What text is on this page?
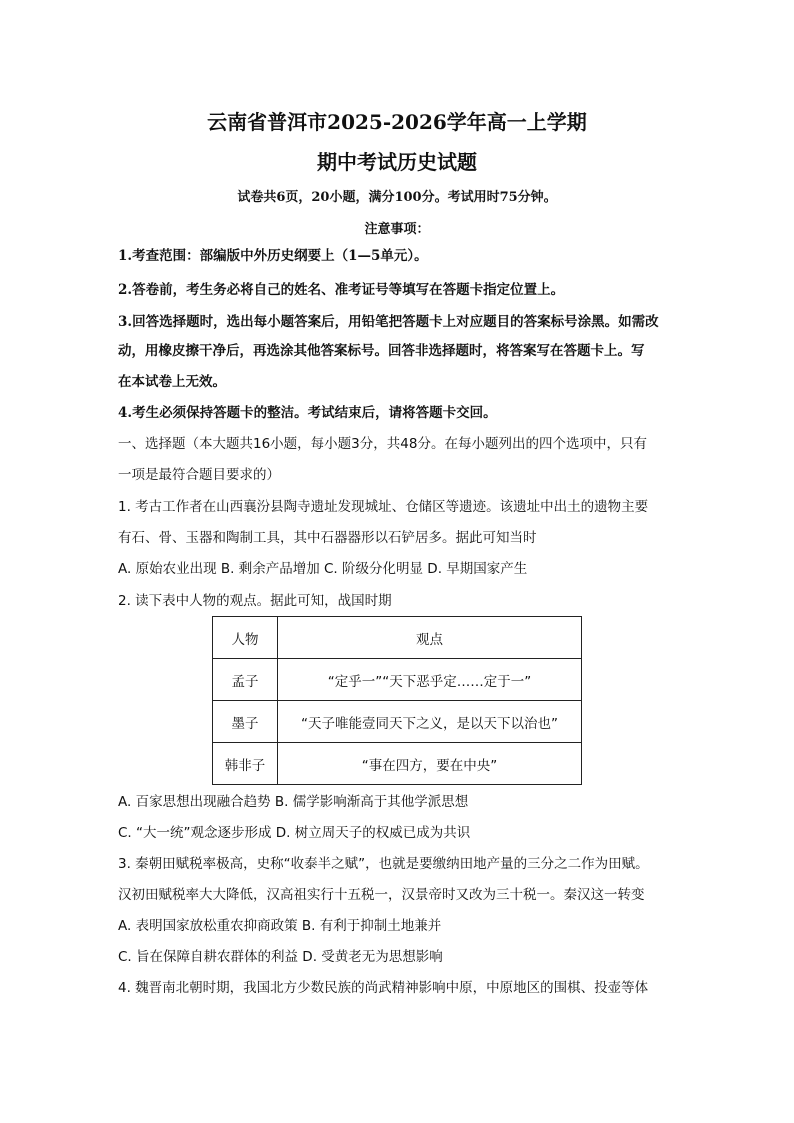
云南省普洱市2025-2026学年高一上学期
期中考试历史试题
试卷共6页，20小题，满分100分。考试用时75分钟。
注意事项：
1.考查范围：部编版中外历史纲要上（1—5单元）。
2.答卷前，考生务必将自己的姓名、准考证号等填写在答题卡指定位置上。
3.回答选择题时，选出每小题答案后，用铅笔把答题卡上对应题目的答案标号涂黑。如需改
动，用橡皮擦干净后，再选涂其他答案标号。回答非选择题时，将答案写在答题卡上。写
在本试卷上无效。
4.考生必须保持答题卡的整洁。考试结束后，请将答题卡交回。
一、选择题（本大题共16小题，每小题3分，共48分。在每小题列出的四个选项中，只有
一项是最符合题目要求的）
1. 考古工作者在山西襄汾县陶寺遗址发现城址、仓储区等遗迹。该遗址中出土的遗物主要
有石、骨、玉器和陶制工具，其中石器器形以石铲居多。据此可知当时
A. 原始农业出现 B. 剩余产品增加 C. 阶级分化明显 D. 早期国家产生
2. 读下表中人物的观点。据此可知，战国时期
人物	观点
孟子	“定乎一”“天下恶乎定……定于一”
墨子	“天子唯能壹同天下之义，是以天下以治也”
韩非子	“事在四方，要在中央”
A. 百家思想出现融合趋势 B. 儒学影响渐高于其他学派思想
C. “大一统”观念逐步形成 D. 树立周天子的权威已成为共识
3. 秦朝田赋税率极高，史称“收泰半之赋”，也就是要缴纳田地产量的三分之二作为田赋。
汉初田赋税率大大降低，汉高祖实行十五税一，汉景帝时又改为三十税一。秦汉这一转变
A. 表明国家放松重农抑商政策 B. 有利于抑制土地兼并
C. 旨在保障自耕农群体的利益 D. 受黄老无为思想影响
4. 魏晋南北朝时期，我国北方少数民族的尚武精神影响中原，中原地区的围棋、投壶等体
